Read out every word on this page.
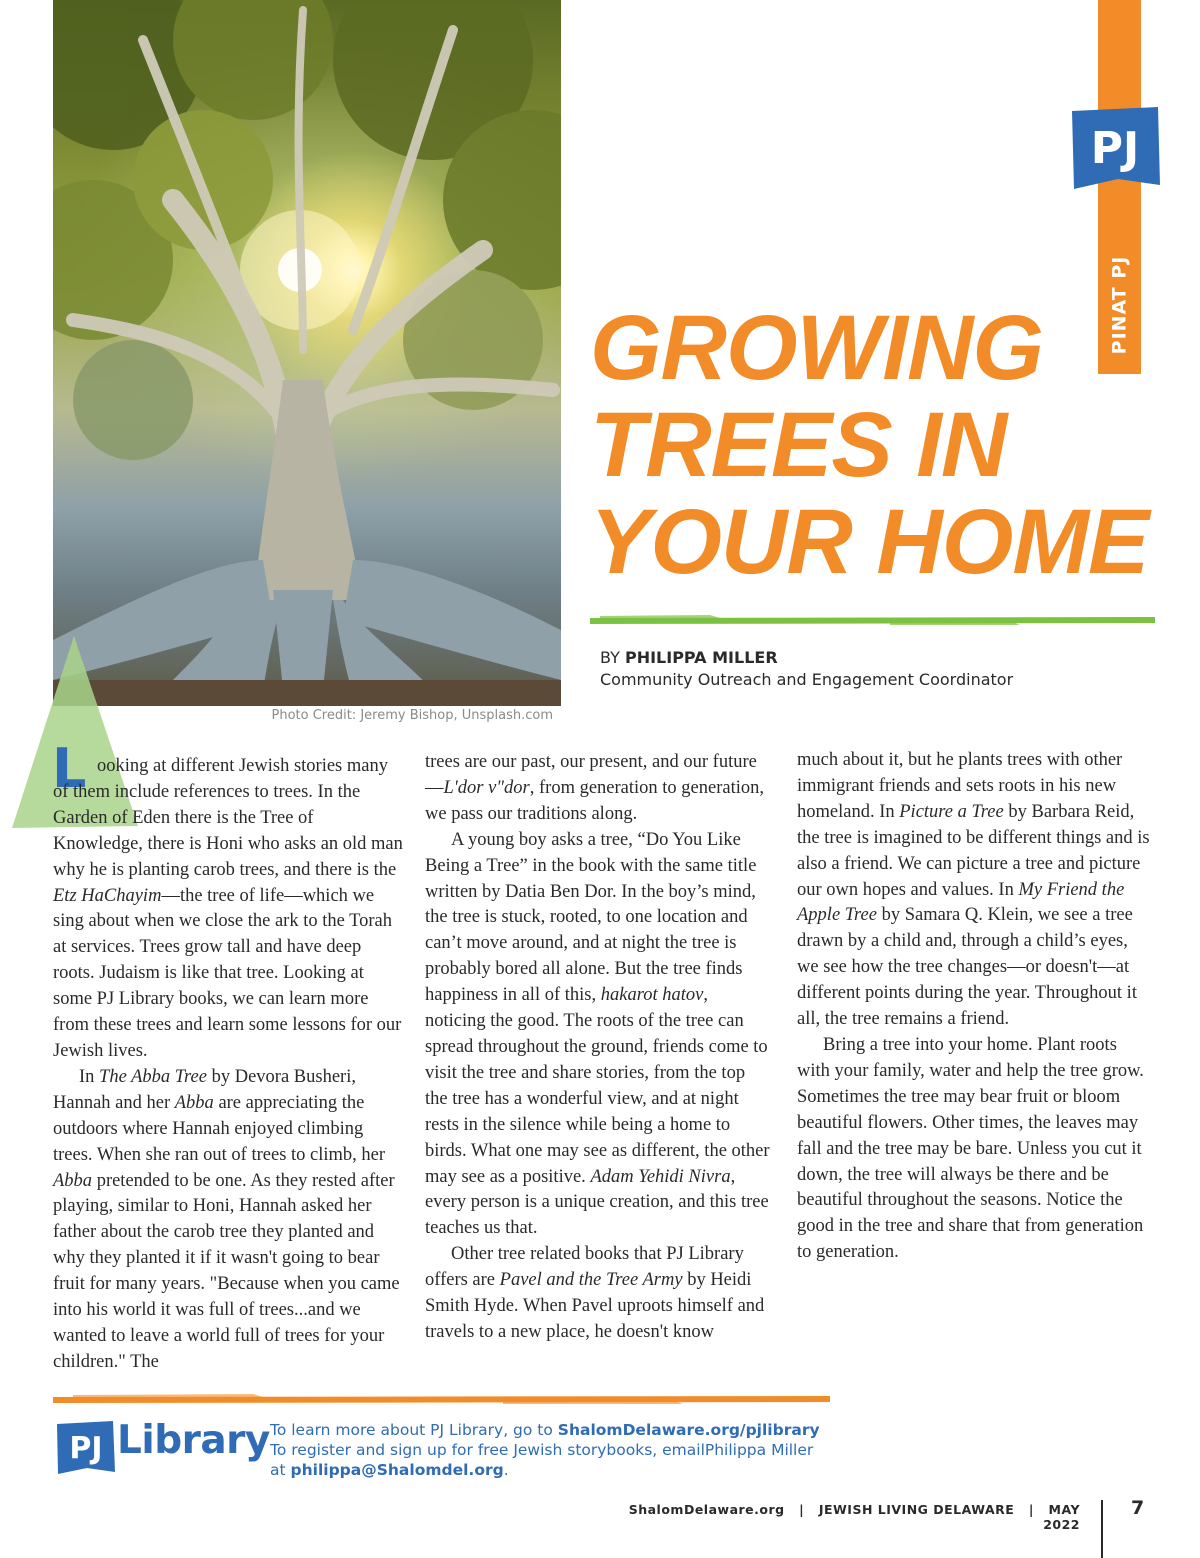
Photo Credit: Jeremy Bishop, Unsplash.com
PINAT PJ
PJ
GROWING
TREES IN
YOUR HOME
BY PHILIPPA MILLER
Community Outreach and Engagement Coordinator
L ooking at different Jewish stories many of them include references to trees. In the Garden of Eden there is the Tree of Knowledge, there is Honi who asks an old man why he is planting carob trees, and there is the Etz HaChayim—the tree of life—which we sing about when we close the ark to the Torah at services. Trees grow tall and have deep roots. Judaism is like that tree. Looking at some PJ Library books, we can learn more from these trees and learn some lessons for our Jewish lives.

In The Abba Tree by Devora Busheri, Hannah and her Abba are appreciating the outdoors where Hannah enjoyed climbing trees. When she ran out of trees to climb, her Abba pretended to be one. As they rested after playing, similar to Honi, Hannah asked her father about the carob tree they planted and why they planted it if it wasn't going to bear fruit for many years. "Because when you came into his world it was full of trees...and we wanted to leave a world full of trees for your children." The

trees are our past, our present, and our future—L'dor v"dor, from generation to generation, we pass our traditions along.

A young boy asks a tree, “Do You Like Being a Tree” in the book with the same title written by Datia Ben Dor. In the boy’s mind, the tree is stuck, rooted, to one location and can’t move around, and at night the tree is probably bored all alone. But the tree finds happiness in all of this, hakarot hatov, noticing the good. The roots of the tree can spread throughout the ground, friends come to visit the tree and share stories, from the top the tree has a wonderful view, and at night rests in the silence while being a home to birds. What one may see as different, the other may see as a positive. Adam Yehidi Nivra, every person is a unique creation, and this tree teaches us that.

Other tree related books that PJ Library offers are Pavel and the Tree Army by Heidi Smith Hyde. When Pavel uproots himself and travels to a new place, he doesn't know

much about it, but he plants trees with other immigrant friends and sets roots in his new homeland. In Picture a Tree by Barbara Reid, the tree is imagined to be different things and is also a friend. We can picture a tree and picture our own hopes and values. In My Friend the Apple Tree by Samara Q. Klein, we see a tree drawn by a child and, through a child’s eyes, we see how the tree changes—or doesn't—at different points during the year. Throughout it all, the tree remains a friend.

Bring a tree into your home. Plant roots with your family, water and help the tree grow. Sometimes the tree may bear fruit or bloom beautiful flowers. Other times, the leaves may fall and the tree may be bare. Unless you cut it down, the tree will always be there and be beautiful throughout the seasons. Notice the good in the tree and share that from generation to generation.

PJ Library To learn more about PJ Library, go to ShalomDelaware.org/pjlibrary
To register and sign up for free Jewish storybooks, emailPhilippa Miller
at philippa@Shalomdel.org.
ShalomDelaware.org | JEWISH LIVING DELAWARE | MAY 2022
7
